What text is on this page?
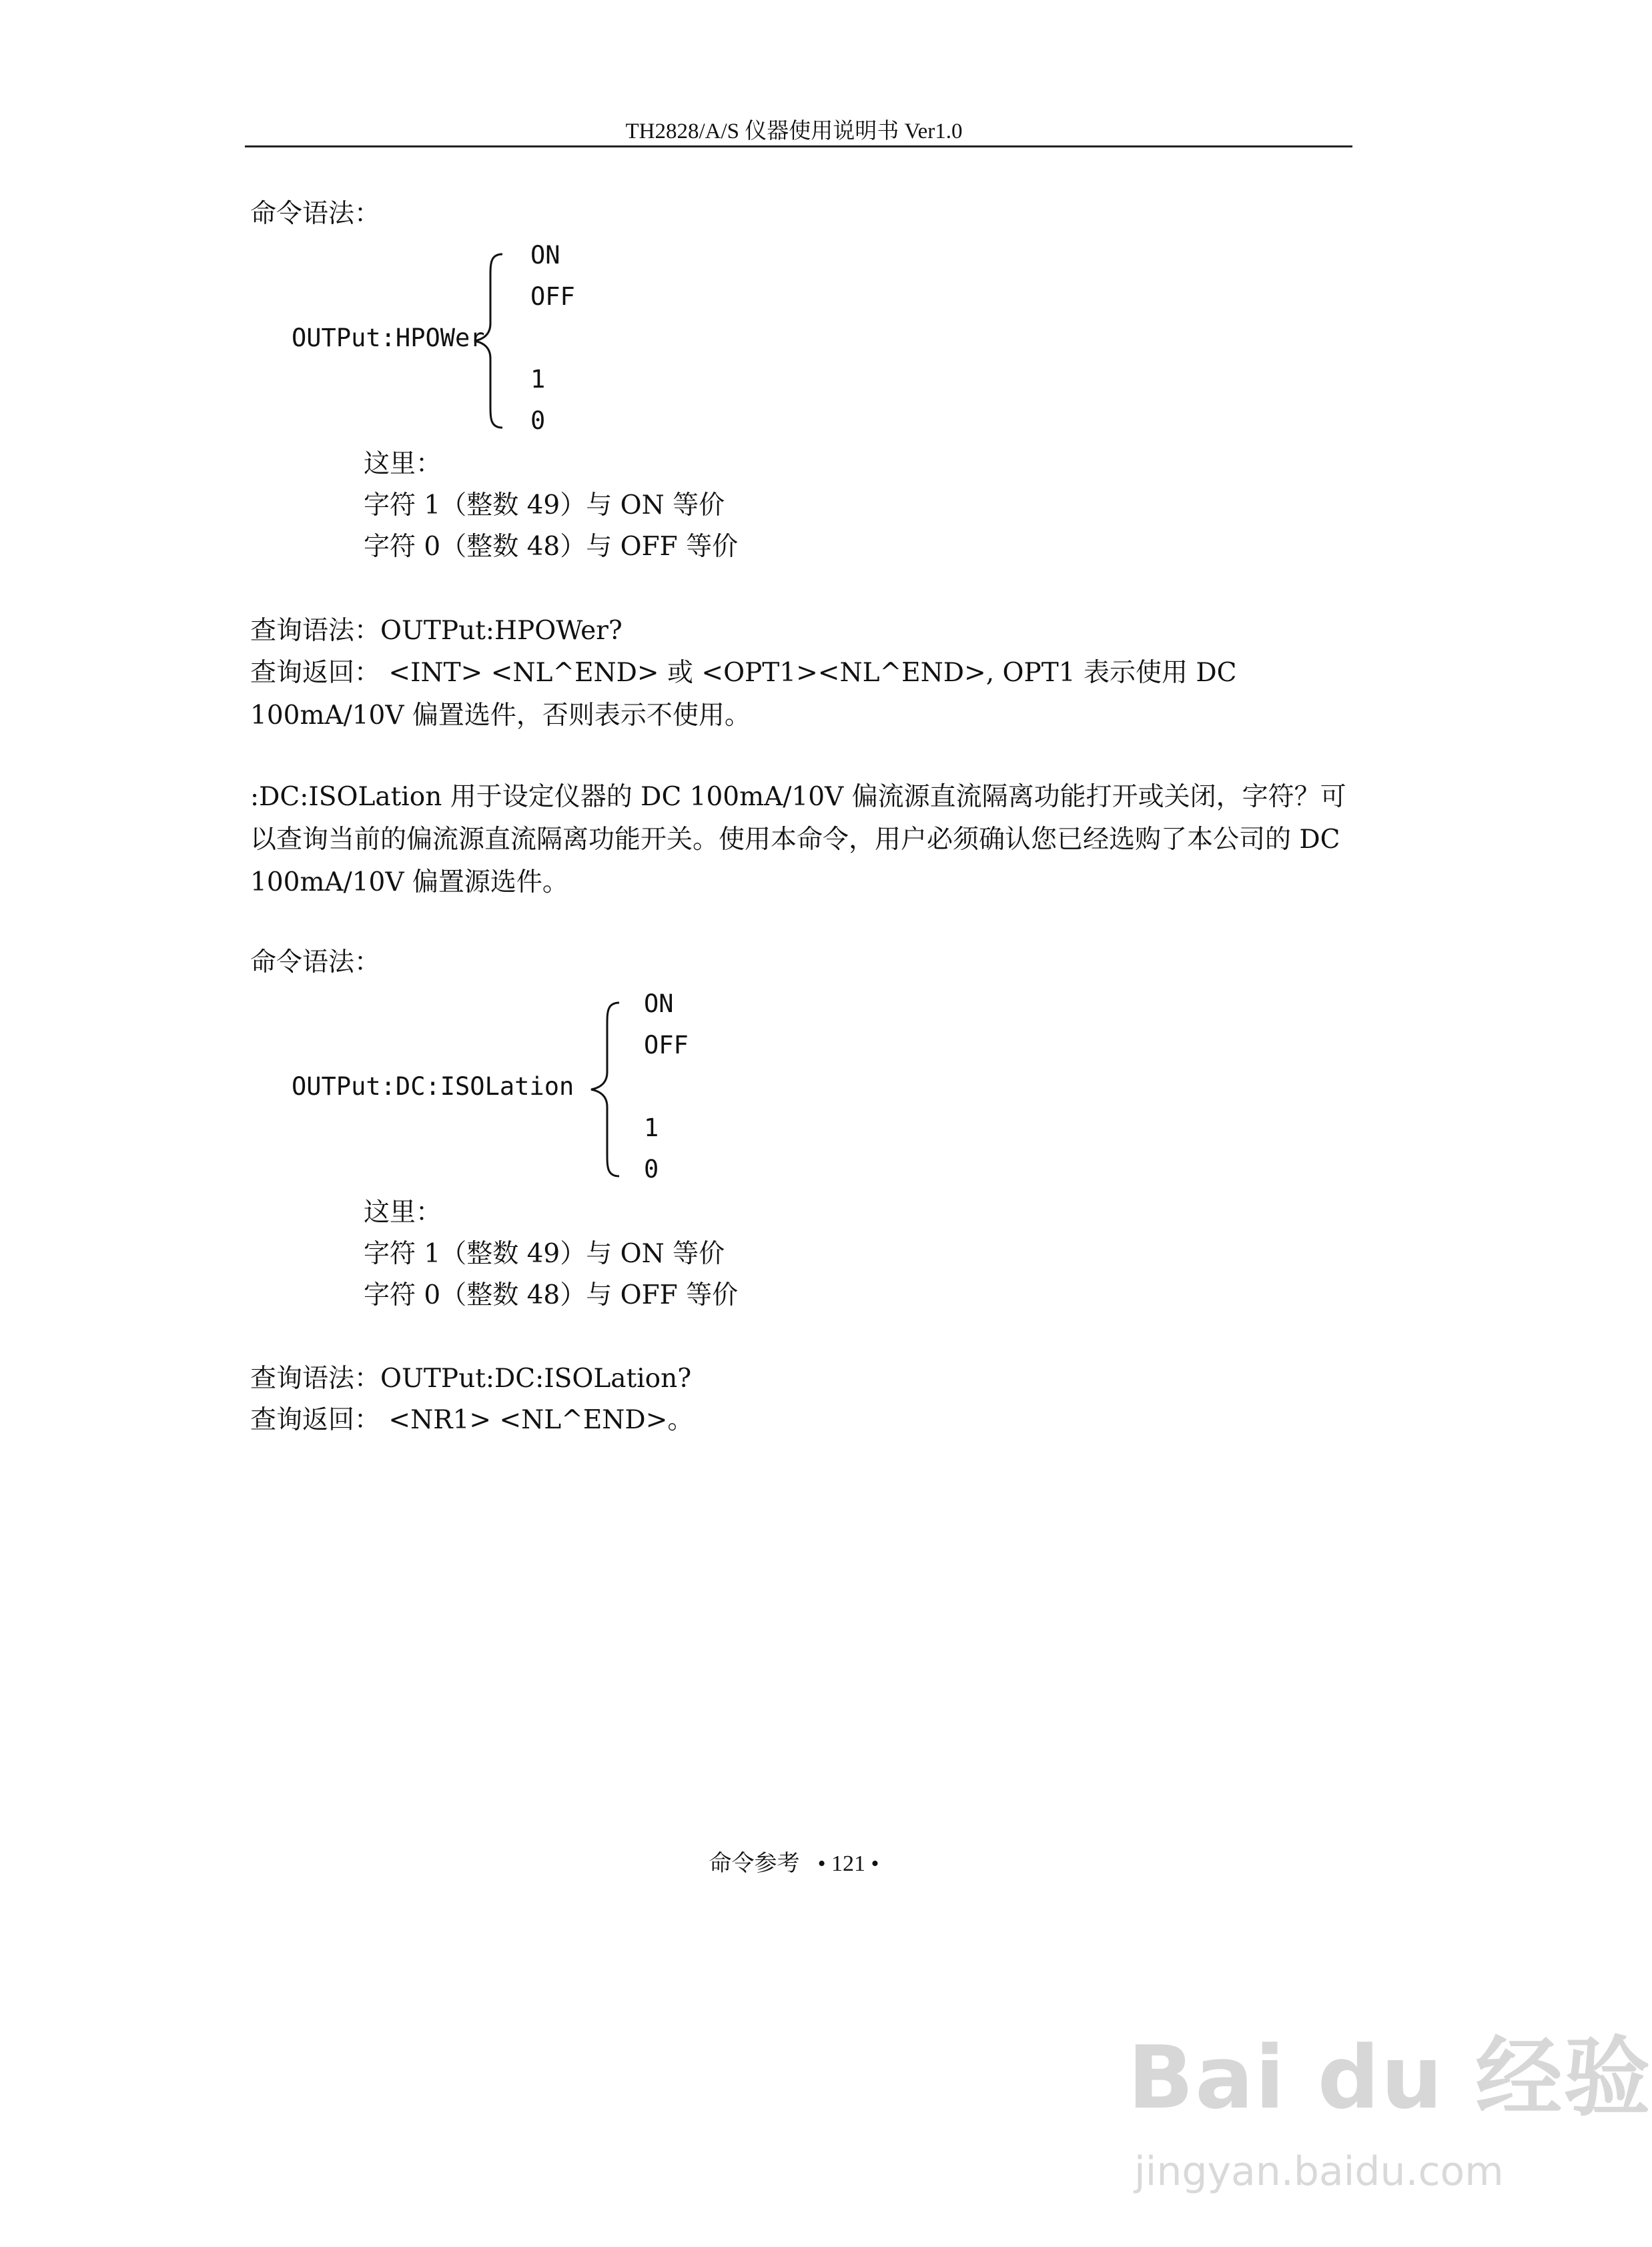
TH2828/A/S 仪器使用说明书 Ver1.0
命令语法：
OUTPut:HPOWer
ON
OFF
1
0
这里：
字符 1（整数 49）与 ON 等价
字符 0（整数 48）与 OFF 等价
查询语法：OUTPut:HPOWer?
查询返回： <INT> <NL^END> 或 <OPT1><NL^END>, OPT1 表示使用 DC 100mA/10V 偏置选件，否则表示不使用。
:DC:ISOLation 用于设定仪器的 DC 100mA/10V 偏流源直流隔离功能打开或关闭，字符？可以查询当前的偏流源直流隔离功能开关。使用本命令，用户必须确认您已经选购了本公司的 DC 100mA/10V 偏置源选件。
命令语法：
OUTPut:DC:ISOLation
ON
OFF
1
0
这里：
字符 1（整数 49）与 ON 等价
字符 0（整数 48）与 OFF 等价
查询语法：OUTPut:DC:ISOLation?
查询返回： <NR1> <NL^END>。
命令参考 • 121 •
Bai du 经验
jingyan.baidu.com
